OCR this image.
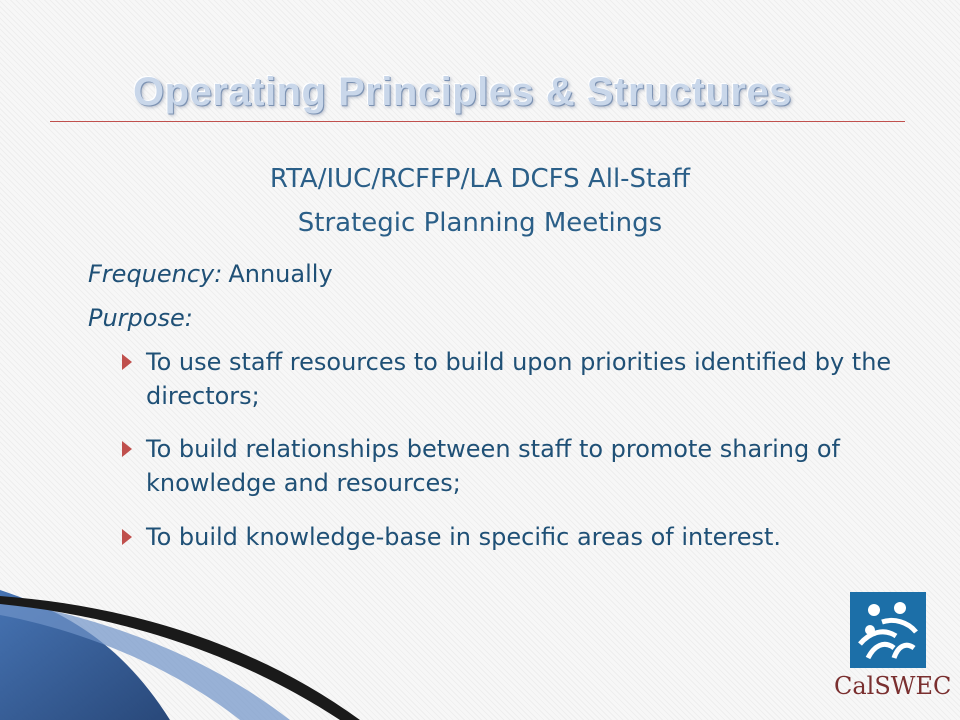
Operating Principles & Structures
RTA/IUC/RCFFP/LA DCFS All-Staff
Strategic Planning Meetings
Frequency: Annually
Purpose:
To use staff resources to build upon priorities identified by the directors;
To build relationships between staff to promote sharing of knowledge and resources;
To build knowledge-base in specific areas of interest.
CalSWEC
